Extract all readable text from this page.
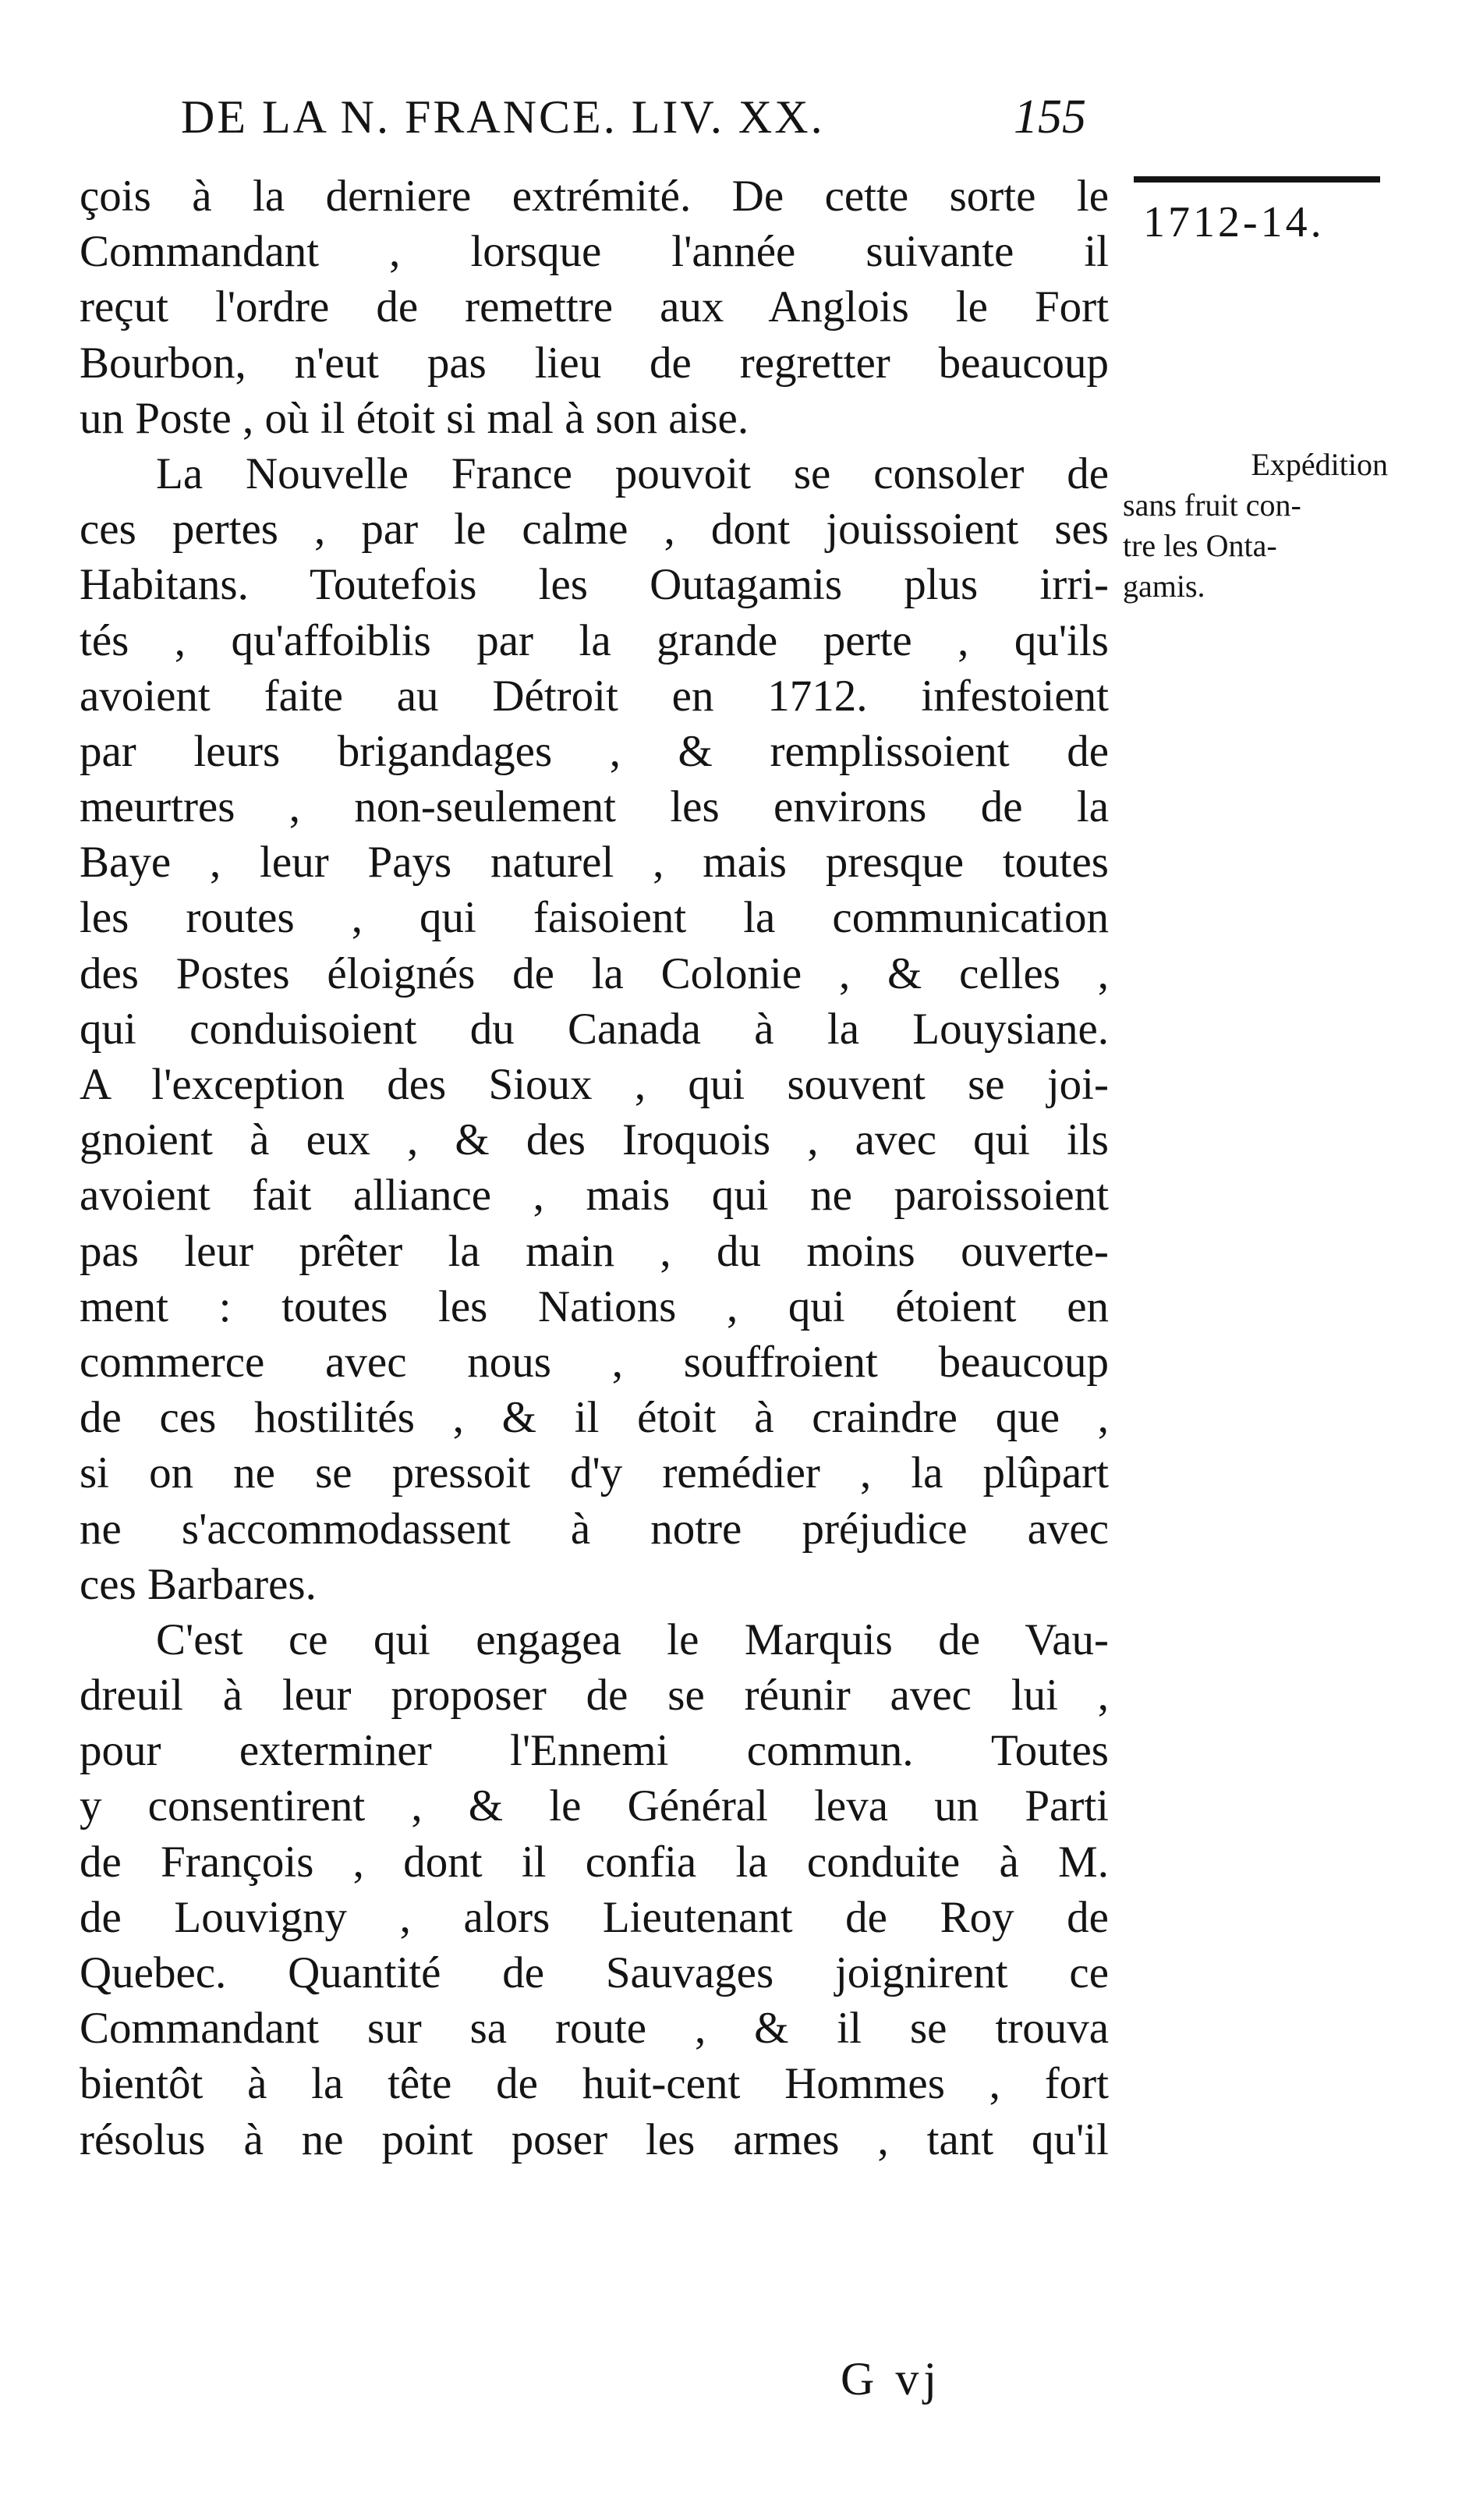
DE LA N. FRANCE. LIV. XX.	155
1712-14.
Expédition
sans fruit con-
tre les Onta-
gamis.
çois à la derniere extrémité. De cette sorte le
Commandant , lorsque l'année suivante il
reçut l'ordre de remettre aux Anglois le Fort
Bourbon, n'eut pas lieu de regretter beaucoup
un Poste , où il étoit si mal à son aise.
La Nouvelle France pouvoit se consoler de
ces pertes , par le calme , dont jouissoient ses
Habitans. Toutefois les Outagamis plus irri-
tés , qu'affoiblis par la grande perte , qu'ils
avoient faite au Détroit en 1712. infestoient
par leurs brigandages , & remplissoient de
meurtres , non-seulement les environs de la
Baye , leur Pays naturel , mais presque toutes
les routes , qui faisoient la communication
des Postes éloignés de la Colonie , & celles ,
qui conduisoient du Canada à la Louysiane.
A l'exception des Sioux , qui souvent se joi-
gnoient à eux , & des Iroquois , avec qui ils
avoient fait alliance , mais qui ne paroissoient
pas leur prêter la main , du moins ouverte-
ment : toutes les Nations , qui étoient en
commerce avec nous , souffroient beaucoup
de ces hostilités , & il étoit à craindre que ,
si on ne se pressoit d'y remédier , la plûpart
ne s'accommodassent à notre préjudice avec
ces Barbares.
C'est ce qui engagea le Marquis de Vau-
dreuil à leur proposer de se réunir avec lui ,
pour exterminer l'Ennemi commun. Toutes
y consentirent , & le Général leva un Parti
de François , dont il confia la conduite à M.
de Louvigny , alors Lieutenant de Roy de
Quebec. Quantité de Sauvages joignirent ce
Commandant sur sa route , & il se trouva
bientôt à la tête de huit-cent Hommes , fort
résolus à ne point poser les armes , tant qu'il
G vj
